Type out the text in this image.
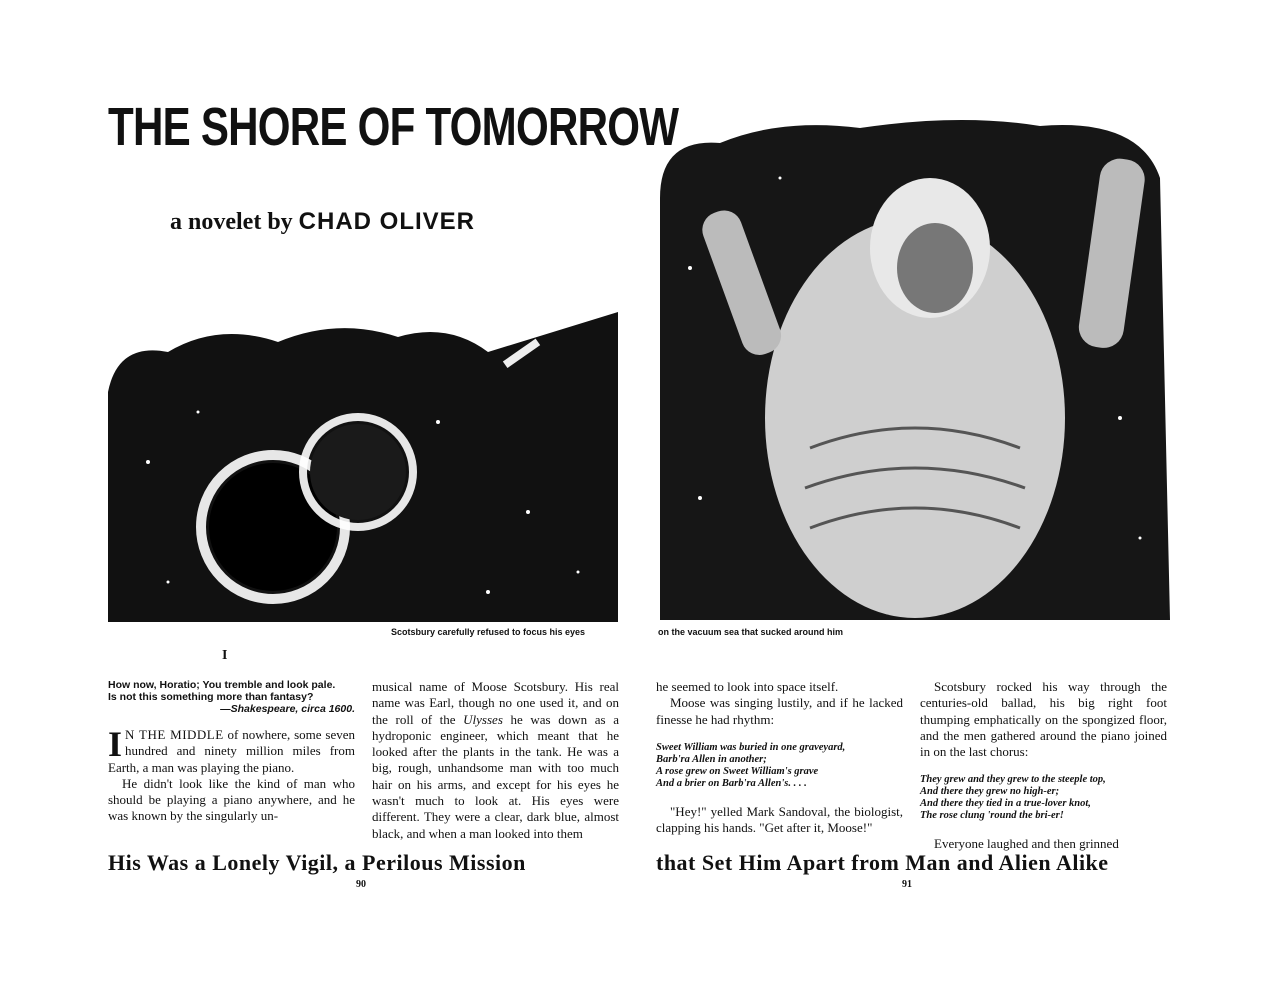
THE SHORE OF TOMORROW
a novelet by CHAD OLIVER
Scotsbury carefully refused to focus his eyes	on the vacuum sea that sucked around him
I
How now, Horatio; You tremble and look pale.
Is not this something more than fantasy?
—Shakespeare, circa 1600.

I N THE MIDDLE of nowhere, some seven hundred and ninety million miles from Earth, a man was playing the piano.

He didn't look like the kind of man who should be playing a piano anywhere, and he was known by the singularly un-

musical name of Moose Scotsbury. His real name was Earl, though no one used it, and on the roll of the Ulysses he was down as a hydroponic engineer, which meant that he looked after the plants in the tank. He was a big, rough, unhandsome man with too much hair on his arms, and except for his eyes he wasn't much to look at. His eyes were different. They were a clear, dark blue, almost black, and when a man looked into them

he seemed to look into space itself.

Moose was singing lustily, and if he lacked finesse he had rhythm:

Sweet William was buried in one graveyard,
Barb'ra Allen in another;
A rose grew on Sweet William's grave
And a brier on Barb'ra Allen's. . . .

"Hey!" yelled Mark Sandoval, the biologist, clapping his hands. "Get after it, Moose!"

Scotsbury rocked his way through the centuries-old ballad, his big right foot thumping emphatically on the spongized floor, and the men gathered around the piano joined in on the last chorus:

They grew and they grew to the steeple top,
And there they grew no high-er;
And there they tied in a true-lover knot,
The rose clung 'round the bri-er!

Everyone laughed and then grinned

His Was a Lonely Vigil, a Perilous Mission	that Set Him Apart from Man and Alien Alike
90	91
